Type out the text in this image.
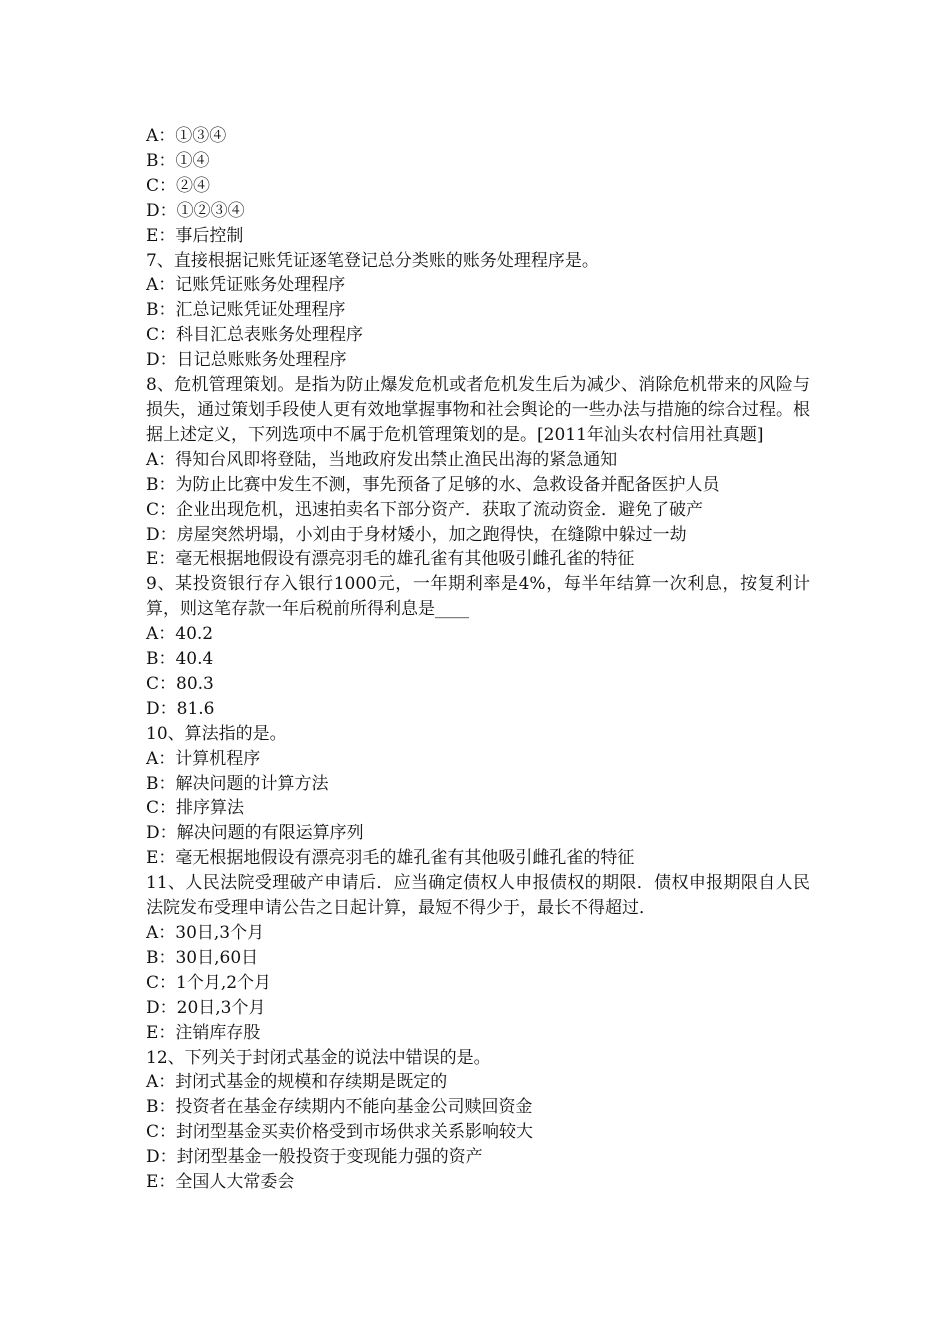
A：①③④

B：①④

C：②④

D：①②③④

E：事后控制

7、直接根据记账凭证逐笔登记总分类账的账务处理程序是。

A：记账凭证账务处理程序

B：汇总记账凭证处理程序

C：科目汇总表账务处理程序

D：日记总账账务处理程序

8、危机管理策划。是指为防止爆发危机或者危机发生后为减少、消除危机带来的风险与损失，通过策划手段使人更有效地掌握事物和社会舆论的一些办法与措施的综合过程。根据上述定义，下列选项中不属于危机管理策划的是。[2011年汕头农村信用社真题]

A：得知台风即将登陆，当地政府发出禁止渔民出海的紧急通知

B：为防止比赛中发生不测，事先预备了足够的水、急救设备并配备医护人员

C：企业出现危机，迅速拍卖名下部分资产．获取了流动资金．避免了破产

D：房屋突然坍塌，小刘由于身材矮小，加之跑得快，在缝隙中躲过一劫

E：毫无根据地假设有漂亮羽毛的雄孔雀有其他吸引雌孔雀的特征

9、某投资银行存入银行1000元，一年期利率是4%，每半年结算一次利息，按复利计算，则这笔存款一年后税前所得利息是____

A：40.2

B：40.4

C：80.3

D：81.6

10、算法指的是。

A：计算机程序

B：解决问题的计算方法

C：排序算法

D：解决问题的有限运算序列

E：毫无根据地假设有漂亮羽毛的雄孔雀有其他吸引雌孔雀的特征

11、人民法院受理破产申请后．应当确定债权人申报债权的期限．债权申报期限自人民法院发布受理申请公告之日起计算，最短不得少于，最长不得超过．

A：30日,3个月

B：30日,60日

C：1个月,2个月

D：20日,3个月

E：注销库存股

12、下列关于封闭式基金的说法中错误的是。

A：封闭式基金的规模和存续期是既定的

B：投资者在基金存续期内不能向基金公司赎回资金

C：封闭型基金买卖价格受到市场供求关系影响较大

D：封闭型基金一般投资于变现能力强的资产

E：全国人大常委会
